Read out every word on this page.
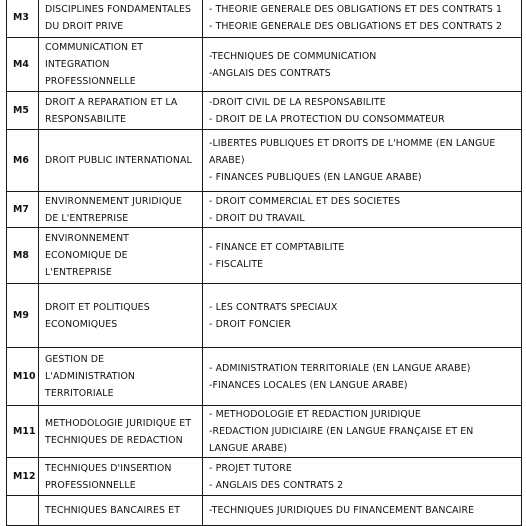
M3	DISCIPLINES FONDAMENTALES
DU DROIT PRIVE	- THEORIE GENERALE DES OBLIGATIONS ET DES CONTRATS 1
- THEORIE GENERALE DES OBLIGATIONS ET DES CONTRATS 2

M4	COMMUNICATION ET
INTEGRATION
PROFESSIONNELLE	-TECHNIQUES DE COMMUNICATION
-ANGLAIS DES CONTRATS

M5	DROIT A REPARATION ET LA
RESPONSABILITE	-DROIT CIVIL DE LA RESPONSABILITE
- DROIT DE LA PROTECTION DU CONSOMMATEUR

M6	DROIT PUBLIC INTERNATIONAL	-LIBERTES PUBLIQUES ET DROITS DE L'HOMME (EN LANGUE
ARABE)
- FINANCES PUBLIQUES (EN LANGUE ARABE)

M7	ENVIRONNEMENT JURIDIQUE
DE L'ENTREPRISE	- DROIT COMMERCIAL ET DES SOCIETES
- DROIT DU TRAVAIL

M8	ENVIRONNEMENT
ECONOMIQUE DE
L'ENTREPRISE	- FINANCE ET COMPTABILITE
- FISCALITE

M9	DROIT ET POLITIQUES
ECONOMIQUES	- LES CONTRATS SPECIAUX
- DROIT FONCIER

M10	GESTION DE
L'ADMINISTRATION
TERRITORIALE	- ADMINISTRATION TERRITORIALE (EN LANGUE ARABE)
-FINANCES LOCALES (EN LANGUE ARABE)

M11	METHODOLOGIE JURIDIQUE ET
TECHNIQUES DE REDACTION	- METHODOLOGIE ET REDACTION JURIDIQUE
-REDACTION JUDICIAIRE (EN LANGUE FRANÇAISE ET EN
LANGUE ARABE)

M12	TECHNIQUES D'INSERTION
PROFESSIONNELLE	- PROJET TUTORE
- ANGLAIS DES CONTRATS 2

	TECHNIQUES BANCAIRES ET	-TECHNIQUES JURIDIQUES DU FINANCEMENT BANCAIRE
